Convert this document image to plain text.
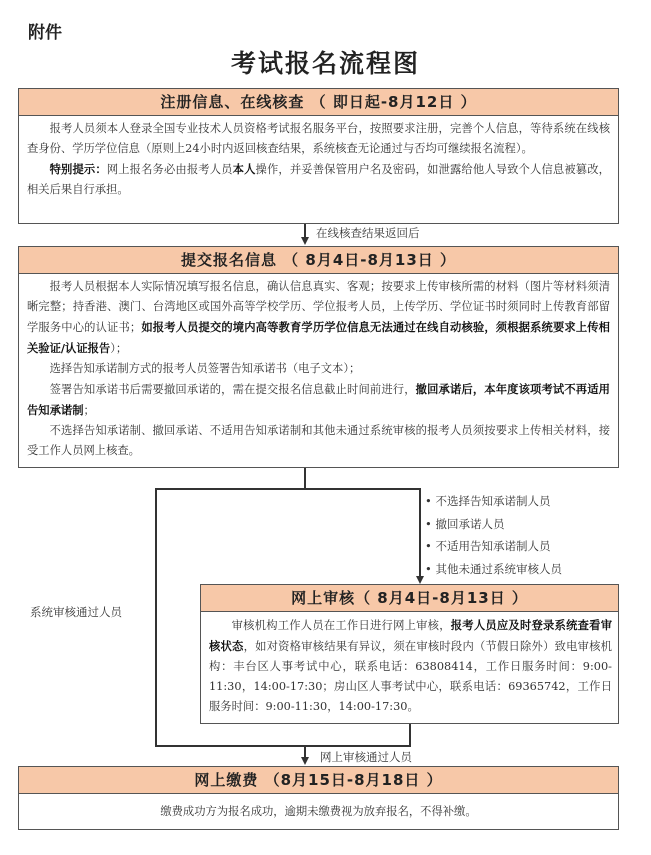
附件
考试报名流程图
注册信息、在线核查 （ 即日起-8月12日 ）

报考人员须本人登录全国专业技术人员资格考试报名服务平台，按照要求注册，完善个人信息，等待系统在线核查身份、学历学位信息（原则上24小时内返回核查结果，系统核查无论通过与否均可继续报名流程）。

特别提示：网上报名务必由报考人员本人操作，并妥善保管用户名及密码，如泄露给他人导致个人信息被篡改，相关后果自行承担。

在线核查结果返回后
提交报名信息 （ 8月4日-8月13日 ）

报考人员根据本人实际情况填写报名信息，确认信息真实、客观；按要求上传审核所需的材料（图片等材料须清晰完整；持香港、澳门、台湾地区或国外高等学校学历、学位报考人员，上传学历、学位证书时须同时上传教育部留学服务中心的认证书；如报考人员提交的境内高等教育学历学位信息无法通过在线自动核验，须根据系统要求上传相关验证/认证报告）；

选择告知承诺制方式的报考人员签署告知承诺书（电子文本）；

签署告知承诺书后需要撤回承诺的，需在提交报名信息截止时间前进行，撤回承诺后，本年度该项考试不再适用告知承诺制；

不选择告知承诺制、撤回承诺、不适用告知承诺制和其他未通过系统审核的报考人员须按要求上传相关材料，接受工作人员网上核查。

• 不选择告知承诺制人员
• 撤回承诺人员
• 不适用告知承诺制人员
• 其他未通过系统审核人员
系统审核通过人员
网上审核（ 8月4日-8月13日 ）

审核机构工作人员在工作日进行网上审核，报考人员应及时登录系统查看审核状态，如对资格审核结果有异议，须在审核时段内（节假日除外）致电审核机构：丰台区人事考试中心，联系电话：63808414，工作日服务时间：9:00-11:30，14:00-17:30；房山区人事考试中心，联系电话：69365742，工作日服务时间：9:00-11:30，14:00-17:30。

网上审核通过人员
网上缴费 （8月15日-8月18日 ）
缴费成功方为报名成功，逾期未缴费视为放弃报名，不得补缴。
